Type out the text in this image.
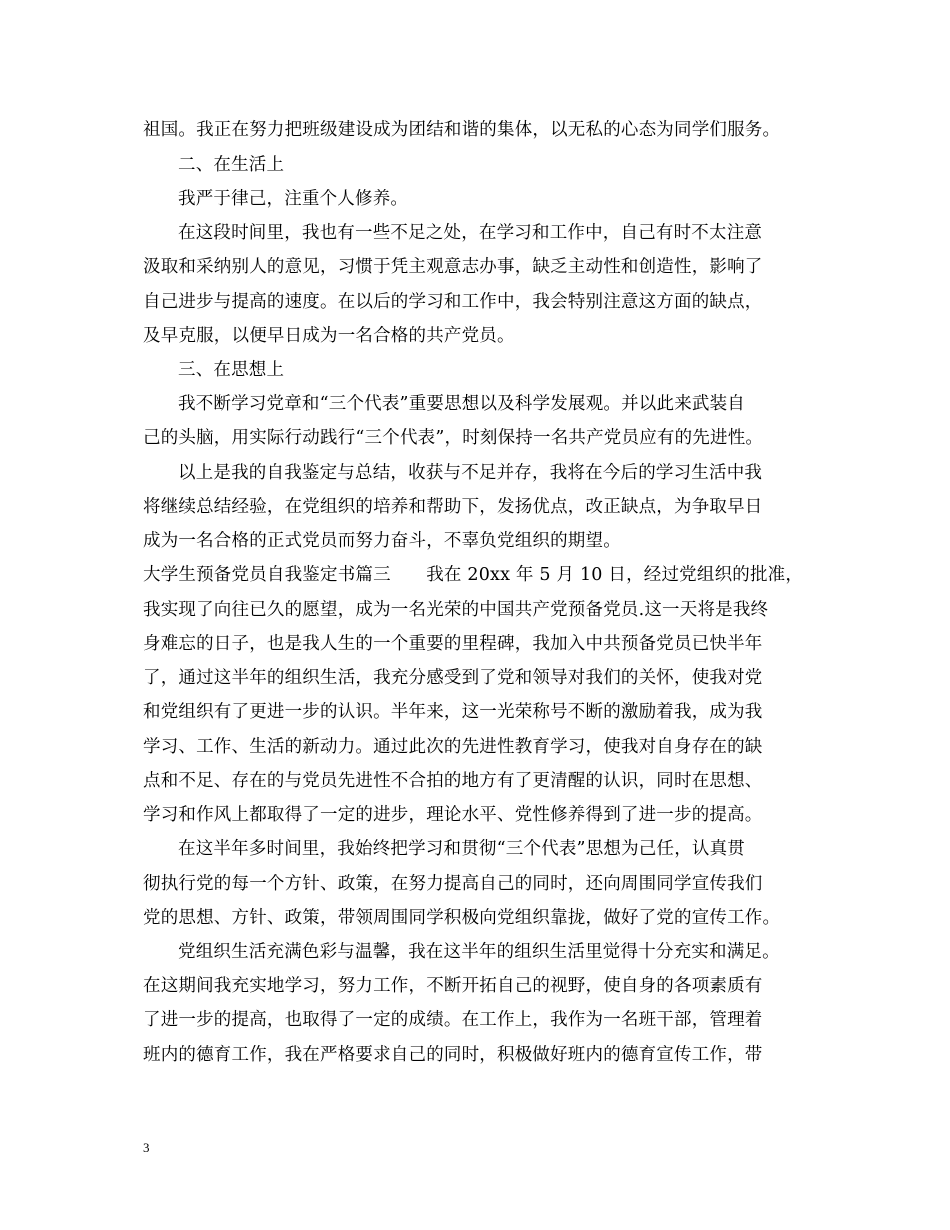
祖国。我正在努力把班级建设成为团结和谐的集体，以无私的心态为同学们服务。
二、在生活上
我严于律己，注重个人修养。
在这段时间里，我也有一些不足之处，在学习和工作中，自己有时不太注意
汲取和采纳别人的意见，习惯于凭主观意志办事，缺乏主动性和创造性，影响了
自己进步与提高的速度。在以后的学习和工作中，我会特别注意这方面的缺点，
及早克服，以便早日成为一名合格的共产党员。
三、在思想上
我不断学习党章和“三个代表”重要思想以及科学发展观。并以此来武装自
己的头脑，用实际行动践行“三个代表”，时刻保持一名共产党员应有的先进性。
以上是我的自我鉴定与总结，收获与不足并存，我将在今后的学习生活中我
将继续总结经验，在党组织的培养和帮助下，发扬优点，改正缺点，为争取早日
成为一名合格的正式党员而努力奋斗，不辜负党组织的期望。
大学生预备党员自我鉴定书篇三　　我在 20xx 年 5 月 10 日，经过党组织的批准，
我实现了向往已久的愿望，成为一名光荣的中国共产党预备党员.这一天将是我终
身难忘的日子，也是我人生的一个重要的里程碑，我加入中共预备党员已快半年
了，通过这半年的组织生活，我充分感受到了党和领导对我们的关怀，使我对党
和党组织有了更进一步的认识。半年来，这一光荣称号不断的激励着我，成为我
学习、工作、生活的新动力。通过此次的先进性教育学习，使我对自身存在的缺
点和不足、存在的与党员先进性不合拍的地方有了更清醒的认识，同时在思想、
学习和作风上都取得了一定的进步，理论水平、党性修养得到了进一步的提高。
在这半年多时间里，我始终把学习和贯彻“三个代表”思想为己任，认真贯
彻执行党的每一个方针、政策，在努力提高自己的同时，还向周围同学宣传我们
党的思想、方针、政策，带领周围同学积极向党组织靠拢，做好了党的宣传工作。
党组织生活充满色彩与温馨，我在这半年的组织生活里觉得十分充实和满足。
在这期间我充实地学习，努力工作，不断开拓自己的视野，使自身的各项素质有
了进一步的提高，也取得了一定的成绩。在工作上，我作为一名班干部，管理着
班内的德育工作，我在严格要求自己的同时，积极做好班内的德育宣传工作，带
3
